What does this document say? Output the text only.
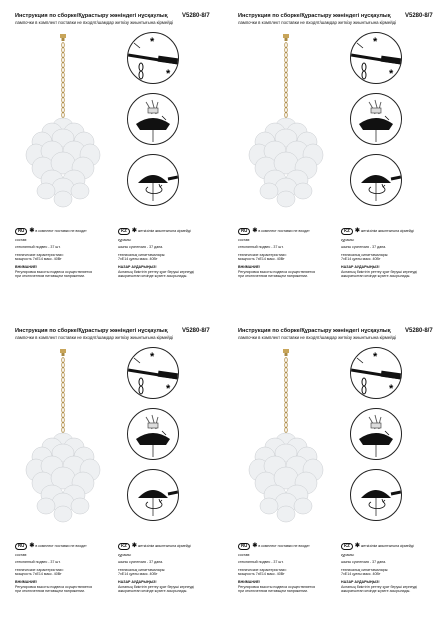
Инструкция по сборке/Құрастыру жөніндегі нұсқаулық V5280-8/7
лампочки в комплект поставки не входят/шамдар жеткізу жиынтығына кірмейді
*
*
RU ✱в комплект поставки не входит
состав:
стеклянный подвес - 37 шт.
технические характеристики:
мощность 7хE14 макс. 40Вт
ВНИМАНИЕ!
Регулировка высоты подвеса осуществляется
при отключенном питающем напряжении.
KZ ✱жеткізілім жиынтығына кірмейді
құрамы:
шыны суспензия - 37 дана.
техникалық сипаттамалары:
7хE14 қуаты макс. 40Вт
НАЗАР АУДАРЫҢЫЗ!
Аспаның биіктігін реттеу қуат беруші кернеуді
ажыратылған кезінде жүзеге асырылады.
Инструкция по сборке/Құрастыру жөніндегі нұсқаулық V5280-8/7
лампочки в комплект поставки не входят/шамдар жеткізу жиынтығына кірмейді
*
*
RU ✱в комплект поставки не входит
состав:
стеклянный подвес - 37 шт.
технические характеристики:
мощность 7хE14 макс. 40Вт
ВНИМАНИЕ!
Регулировка высоты подвеса осуществляется
при отключенном питающем напряжении.
KZ ✱жеткізілім жиынтығына кірмейді
құрамы:
шыны суспензия - 37 дана.
техникалық сипаттамалары:
7хE14 қуаты макс. 40Вт
НАЗАР АУДАРЫҢЫЗ!
Аспаның биіктігін реттеу қуат беруші кернеуді
ажыратылған кезінде жүзеге асырылады.
Инструкция по сборке/Құрастыру жөніндегі нұсқаулық V5280-8/7
лампочки в комплект поставки не входят/шамдар жеткізу жиынтығына кірмейді
*
*
RU ✱в комплект поставки не входит
состав:
стеклянный подвес - 37 шт.
технические характеристики:
мощность 7хE14 макс. 40Вт
ВНИМАНИЕ!
Регулировка высоты подвеса осуществляется
при отключенном питающем напряжении.
KZ ✱жеткізілім жиынтығына кірмейді
құрамы:
шыны суспензия - 37 дана.
техникалық сипаттамалары:
7хE14 қуаты макс. 40Вт
НАЗАР АУДАРЫҢЫЗ!
Аспаның биіктігін реттеу қуат беруші кернеуді
ажыратылған кезінде жүзеге асырылады.
Инструкция по сборке/Құрастыру жөніндегі нұсқаулық V5280-8/7
лампочки в комплект поставки не входят/шамдар жеткізу жиынтығына кірмейді
*
*
RU ✱в комплект поставки не входит
состав:
стеклянный подвес - 37 шт.
технические характеристики:
мощность 7хE14 макс. 40Вт
ВНИМАНИЕ!
Регулировка высоты подвеса осуществляется
при отключенном питающем напряжении.
KZ ✱жеткізілім жиынтығына кірмейді
құрамы:
шыны суспензия - 37 дана.
техникалық сипаттамалары:
7хE14 қуаты макс. 40Вт
НАЗАР АУДАРЫҢЫЗ!
Аспаның биіктігін реттеу қуат беруші кернеуді
ажыратылған кезінде жүзеге асырылады.
